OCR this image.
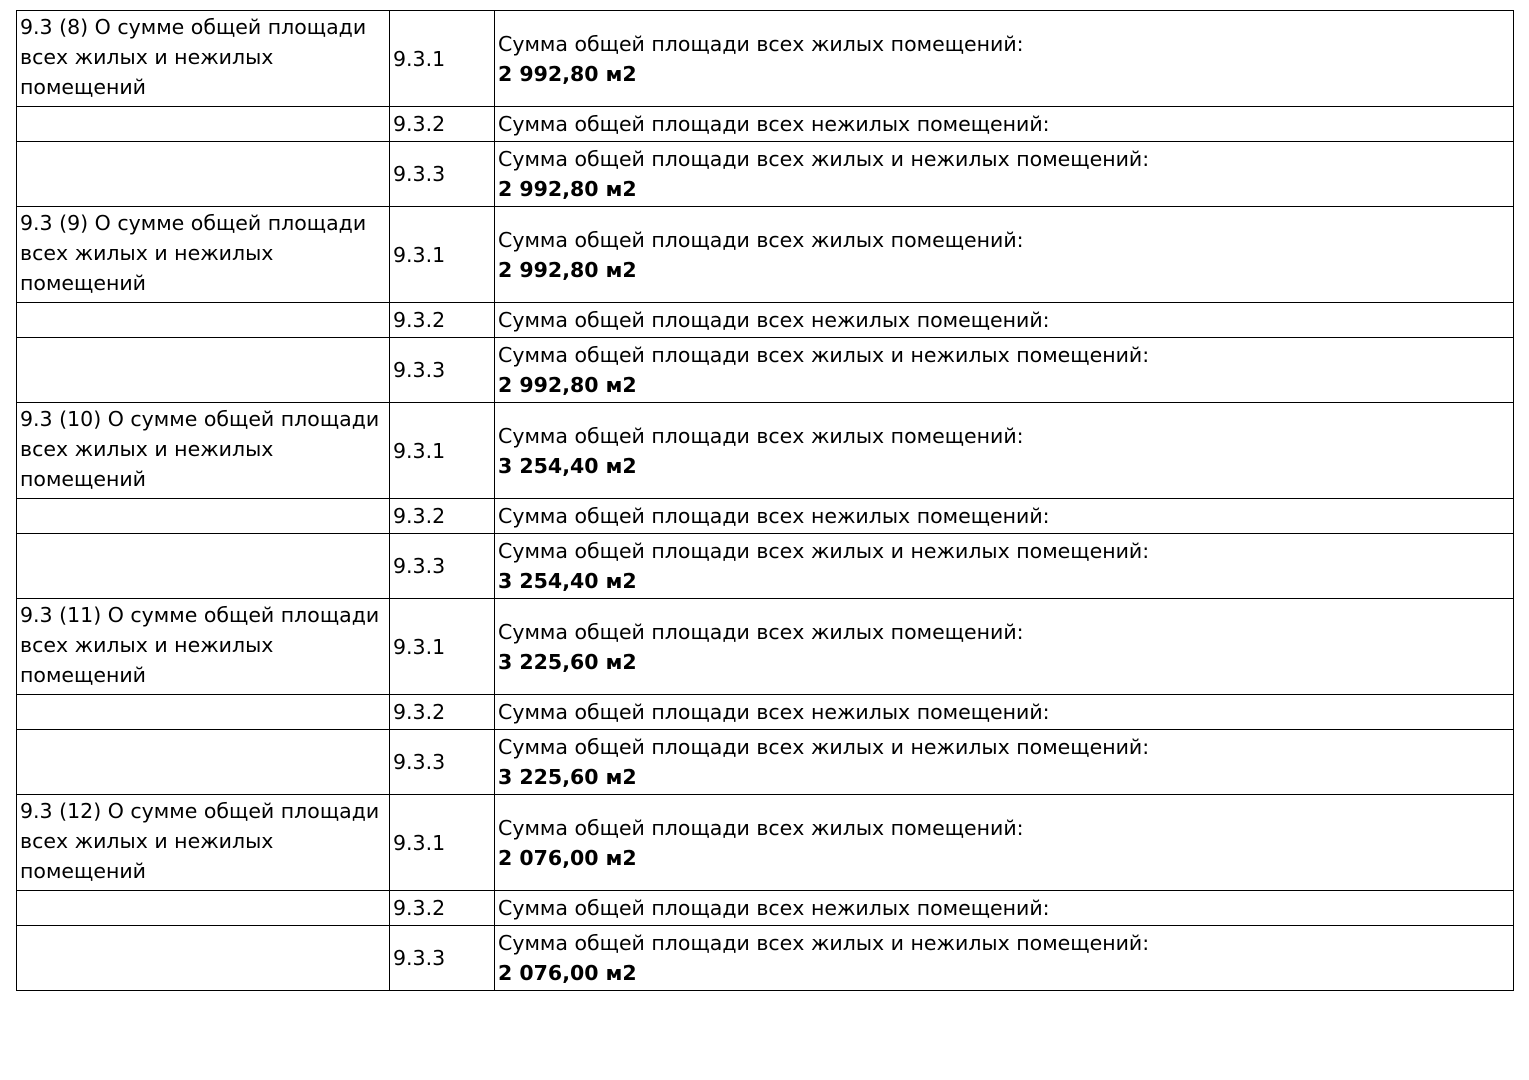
9.3 (8) О сумме общей площади всех жилых и нежилых помещений	9.3.1	Сумма общей площади всех жилых помещений:
2 992,80 м2

	9.3.2	Сумма общей площади всех нежилых помещений:

	9.3.3	Сумма общей площади всех жилых и нежилых помещений:
2 992,80 м2

9.3 (9) О сумме общей площади всех жилых и нежилых помещений	9.3.1	Сумма общей площади всех жилых помещений:
2 992,80 м2

	9.3.2	Сумма общей площади всех нежилых помещений:

	9.3.3	Сумма общей площади всех жилых и нежилых помещений:
2 992,80 м2

9.3 (10) О сумме общей площади всех жилых и нежилых помещений	9.3.1	Сумма общей площади всех жилых помещений:
3 254,40 м2

	9.3.2	Сумма общей площади всех нежилых помещений:

	9.3.3	Сумма общей площади всех жилых и нежилых помещений:
3 254,40 м2

9.3 (11) О сумме общей площади всех жилых и нежилых помещений	9.3.1	Сумма общей площади всех жилых помещений:
3 225,60 м2

	9.3.2	Сумма общей площади всех нежилых помещений:

	9.3.3	Сумма общей площади всех жилых и нежилых помещений:
3 225,60 м2

9.3 (12) О сумме общей площади всех жилых и нежилых помещений	9.3.1	Сумма общей площади всех жилых помещений:
2 076,00 м2

	9.3.2	Сумма общей площади всех нежилых помещений:

	9.3.3	Сумма общей площади всех жилых и нежилых помещений:
2 076,00 м2
